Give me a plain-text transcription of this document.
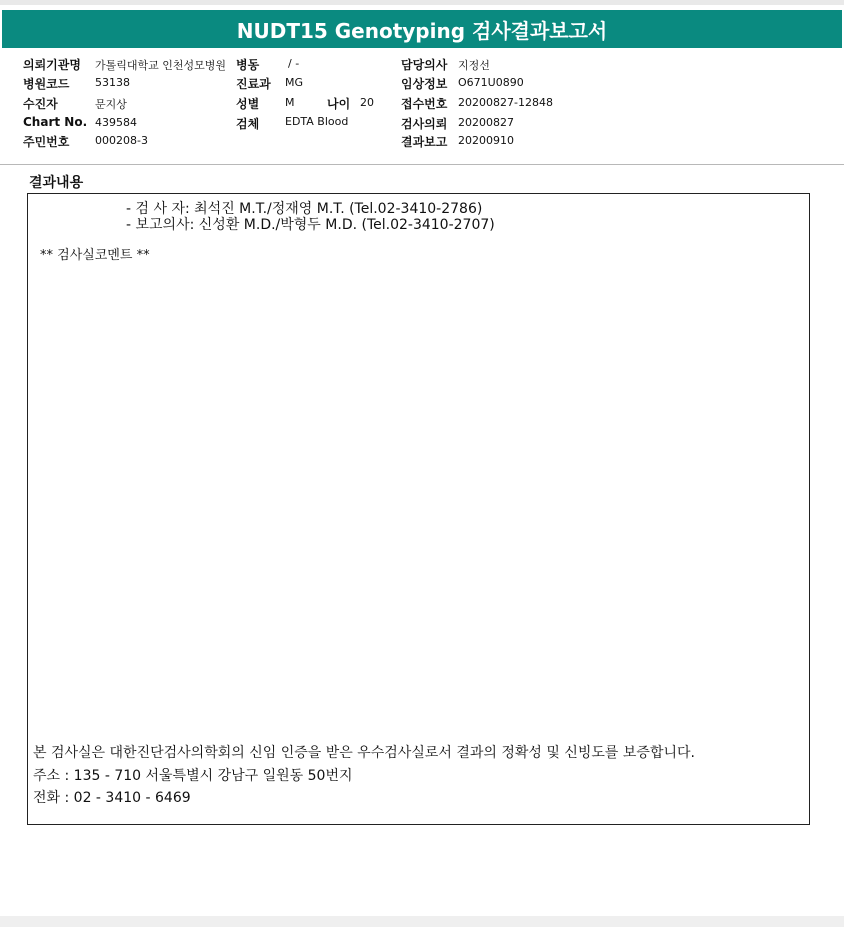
NUDT15 Genotyping 검사결과보고서
의뢰기관명 가톨릭대학교 인천성모병원 병동	/ -	담당의사 지정선
병원코드 53138	진료과 MG	임상정보 O671U0890
수진자	문지상	성별 M	나이 20 접수번호 20200827-12848
Chart No. 439584	검체 EDTA Blood	검사의뢰 20200827
주민번호 000208-3	결과보고 20200910
결과내용
- 검 사 자: 최석진 M.T./정재영 M.T. (Tel.02-3410-2786)
- 보고의사: 신성환 M.D./박형두 M.D. (Tel.02-3410-2707)
** 검사실코멘트 **
본 검사실은 대한진단검사의학회의 신임 인증을 받은 우수검사실로서 결과의 정확성 및 신빙도를 보증합니다.
주소 : 135 - 710 서울특별시 강남구 일원동 50번지
전화 : 02 - 3410 - 6469
